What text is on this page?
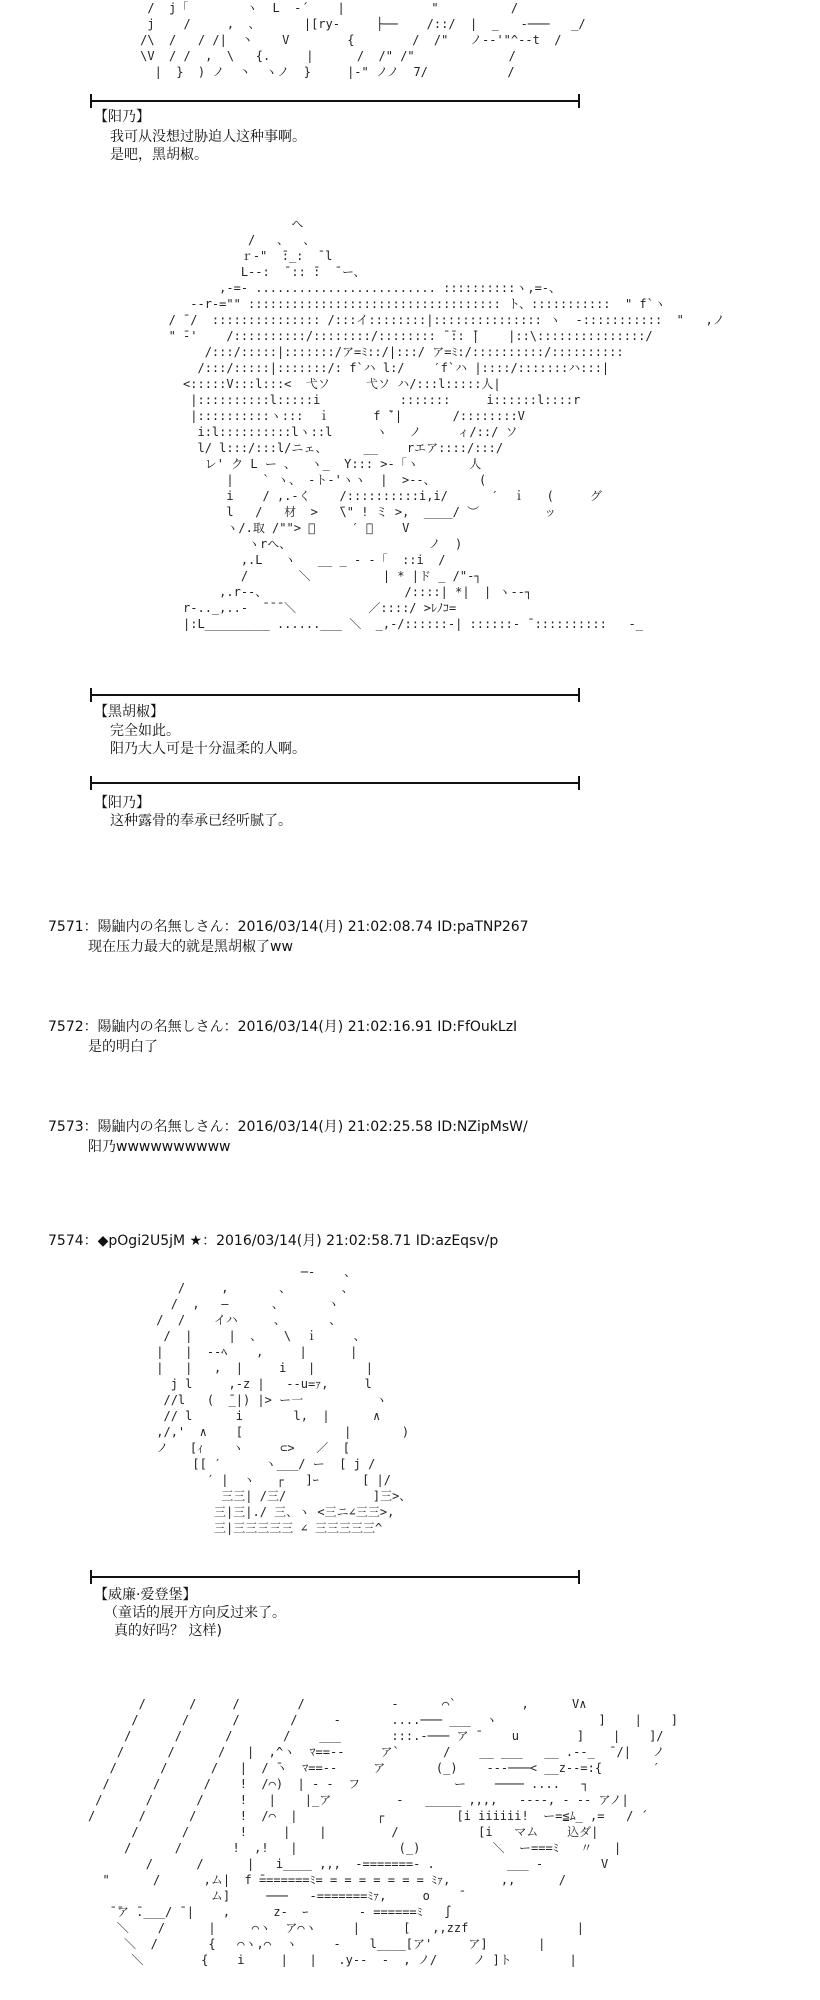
/  j「        ヽ  L  -´    |            "          /
j    /     ,  、      |[ry-     ├──    /::/  |  _   -───   _/
/\  /   / /|  丶    V        {        /  /"   ノ--'"^--t  /
\V  / /  ,  \   {.     |      /  /" /"             /
|  }  ) ノ  丶  ヽノ  }     |-" ノノ  7/           /
【阳乃】
我可从没想过胁迫人这种事啊。
是吧，黑胡椒。
へ
/   、  、
ｒ-"  ̄:_:  ̄ l
L--:  ̄ :: ̄:  ̄ ー、
,-=- ......................... ::::::::::ヽ,=-、
--r-="" ::::::::::::::::::::::::::::::::::: ト、:::::::::::  " f`ヽ
/ ̄ /  ::::::::::::::: /:::イ::::::::|::::::::::::::: ヽ  -:::::::::::  "   ,ノ
" ̄-'    /::::::::::/::::::::/:::::::: ̄ ̄:: ̄|    |::\:::::::::::::::/
/:::/:::::|:::::::/ア=ﾐ::/|:::/ ア=ﾐ:/::::::::::/::::::::::
/:::/:::::|:::::::/: f`ハ l:/    ′f`ハ |::::/:::::::ハ:::|
<:::::V:::l:::<  弋ソ     弋ソ ハ/:::l:::::人|
|::::::::::l:::::i           :::::::     i::::::l::::r
|::::::::::ヽ:::  ｉ      f ̄`|       /::::::::V
i:l::::::::::lヽ::l      ヽ   ノ     ィ/::/ ソ
l/ l:::/:::l/ニェ、     __    rエア::::/:::/
レ' ク L ー 、  ヽ_  Y::: >-「ヽ       人
|    ` ヽ、 -ト-'ヽヽ  |  >--、      (
i    / ,.-く    /::::::::::i,i/      ′  ｉ   (     グ
l   /   材  >   ̄\" ! ミ >,  ____/ ︶         ッ
ヽ/.取 /""> ゙     ′ ー    V
ヽrへ、                   ノ  )
,.L   ヽ   __ _ - -「  ::i  /
/       ＼          | * |ド _ /"-┐
,.r--、                   /::::| *|  | ヽ--┐
r-.._,..-  ̄ ̄ ̄ ＼          ／::::/ >ﾚﾉｺ=
|:L_________ ......___ ＼  _,-/::::::-| ::::::- ̄ ::::::::::   -_
【黑胡椒】
完全如此。
阳乃大人可是十分温柔的人啊。
【阳乃】
这种露骨的奉承已经听腻了。
7571：陽鼬内の名無しさん：2016/03/14(月) 21:02:08.74 ID:paTNP267
现在压力最大的就是黑胡椒了ww
7572：陽鼬内の名無しさん：2016/03/14(月) 21:02:16.91 ID:FfOukLzI
是的明白了
7573：陽鼬内の名無しさん：2016/03/14(月) 21:02:25.58 ID:NZipMsW/
阳乃wwwwwwwwww
7574：◆pOgi2U5jM ★：2016/03/14(月) 21:02:58.71 ID:azEqsv/p
─-    、
/     ,       、       、
/  ,   ―      、      ヽ
/  /    イハ     、      、
/  |     |  、   \  ｉ     、
|   |  --ﾍ    ,     |      |
|   |   ,  |     i   |       |
j l     ,-z |   --u=ｧ,     l
//l   (  ̄_|) |> ー一          ヽ
// l      i       l,  |      ∧
,/,'  ∧    [              |       )
ノ   [ｨ    ヽ     ⊂>   ／  [
[[ ′      ヽ___/ ー  [ j /
′ |  ヽ   ┌   ]ｰ      [ |/
三三| /三/            ]三>、
三|三|./ 三、ヽ <三ニ∠三三>,
三|三三三三三 ∠ 三三三三三^
【威廉·爱登堡】
（童话的展开方向反过来了。
真的好吗？ 这样)
/      /     /        /            -      ⌒`         ,      V∧
/      /      /       /     -       ....─── ___  ヽ              ]    |    ]
/      /      /       /    ___       :::.-─── ア ̄     u        ]    |    ]/
/      /      /   |  ,^ヽ  ﾏ==--     ア`      /    __ ___   __ .--_  ̄ /|   ノ
/      /      /   |  / ̄ヽ  ﾏ==--     ア       (_)    ---───< __z--=:{       ′
/      /      /    !  /⌒)  | - -  フ             ー    ──── ....   ┐
/      /      /     !   |    |_ア         -   _____ ,,,,   ----, - -- アノ|
/      /      /      !  /⌒  |           ┌          [i iiiiii!  ー=≦ﾑ_ ,=   / ´
/      /       !     |    |         /           [i   マム    込ダ|
/      /       !  ,!   |              (_)          ＼  ー===ﾐ   〃   |
/      /      |   i____ ,,,  -=======- .          ___ -        V
"      /      ,ム|  f ̄=======ﾐ= = = = = = = = ﾐｧ,       ,,      /
ム]     ───   -=======ﾐｧ,     o    ̄
̄ ̄ア ̄.___/ ̄ |    ,      z-  ｰ       - ======ﾐ   ∫
＼    /      |     ⌒ヽ  ア⌒ヽ     |      [   ,,zzf               |
＼  /       {   ⌒ヽ,⌒  ヽ     -    l____[ア'     ア]       |
＼        {    i     |   |   .y--  -  , ノ/     ノ ]ト        |
